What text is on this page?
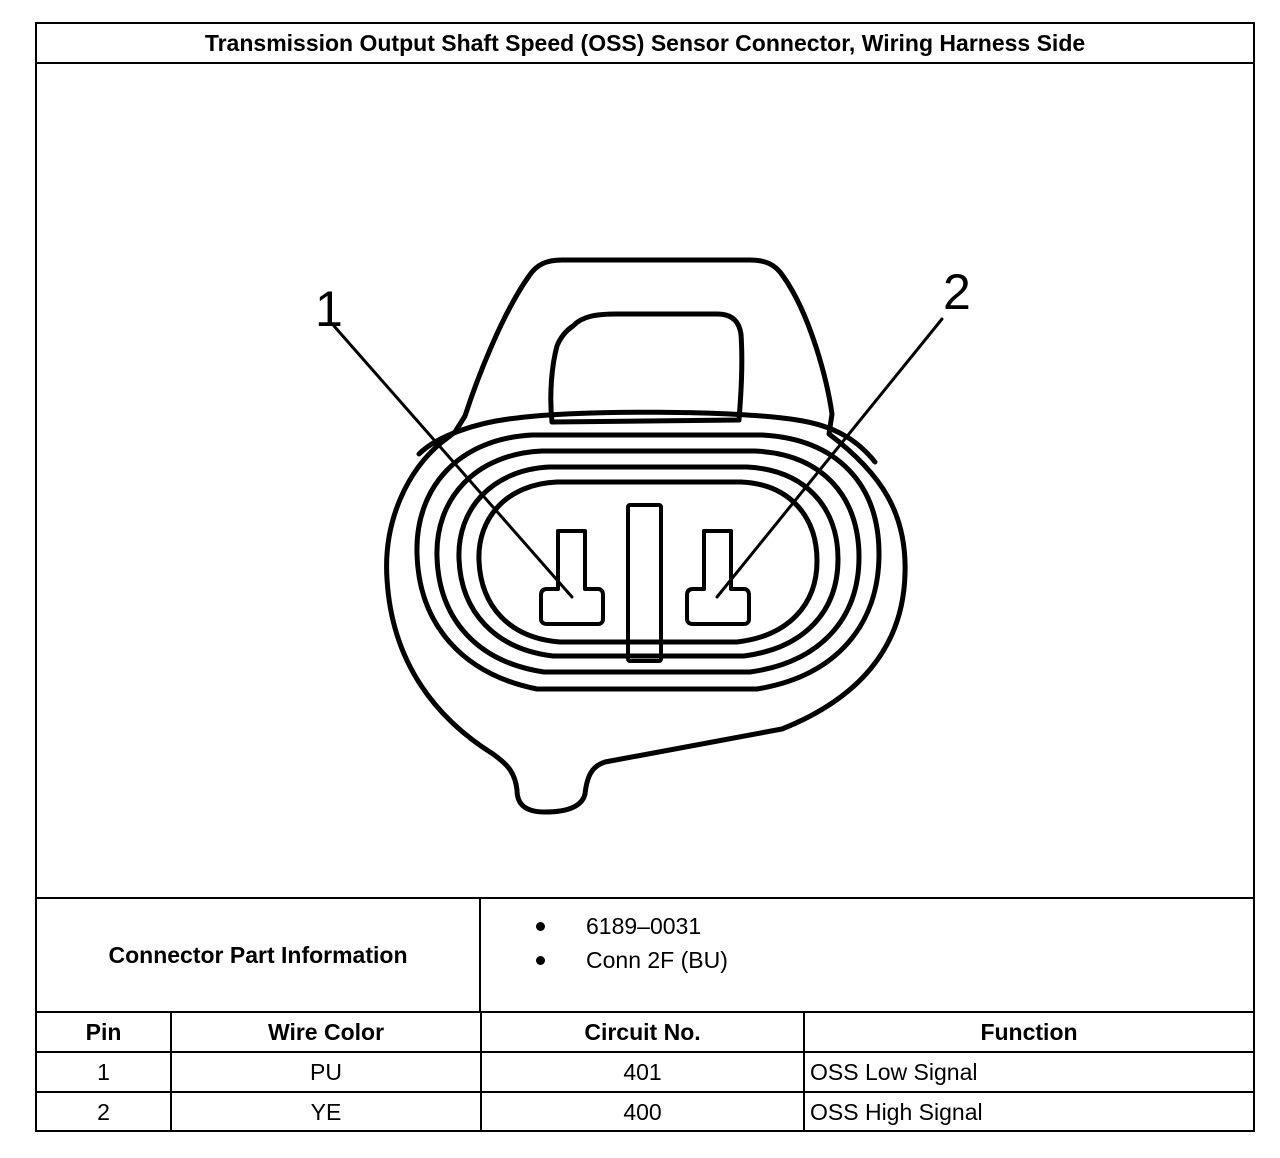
Transmission Output Shaft Speed (OSS) Sensor Connector, Wiring Harness Side
1	2
Connector Part Information
6189–0031
Conn 2F (BU)
Pin	Wire Color	Circuit No.	Function
1	PU	401	OSS Low Signal
2	YE	400	OSS High Signal
